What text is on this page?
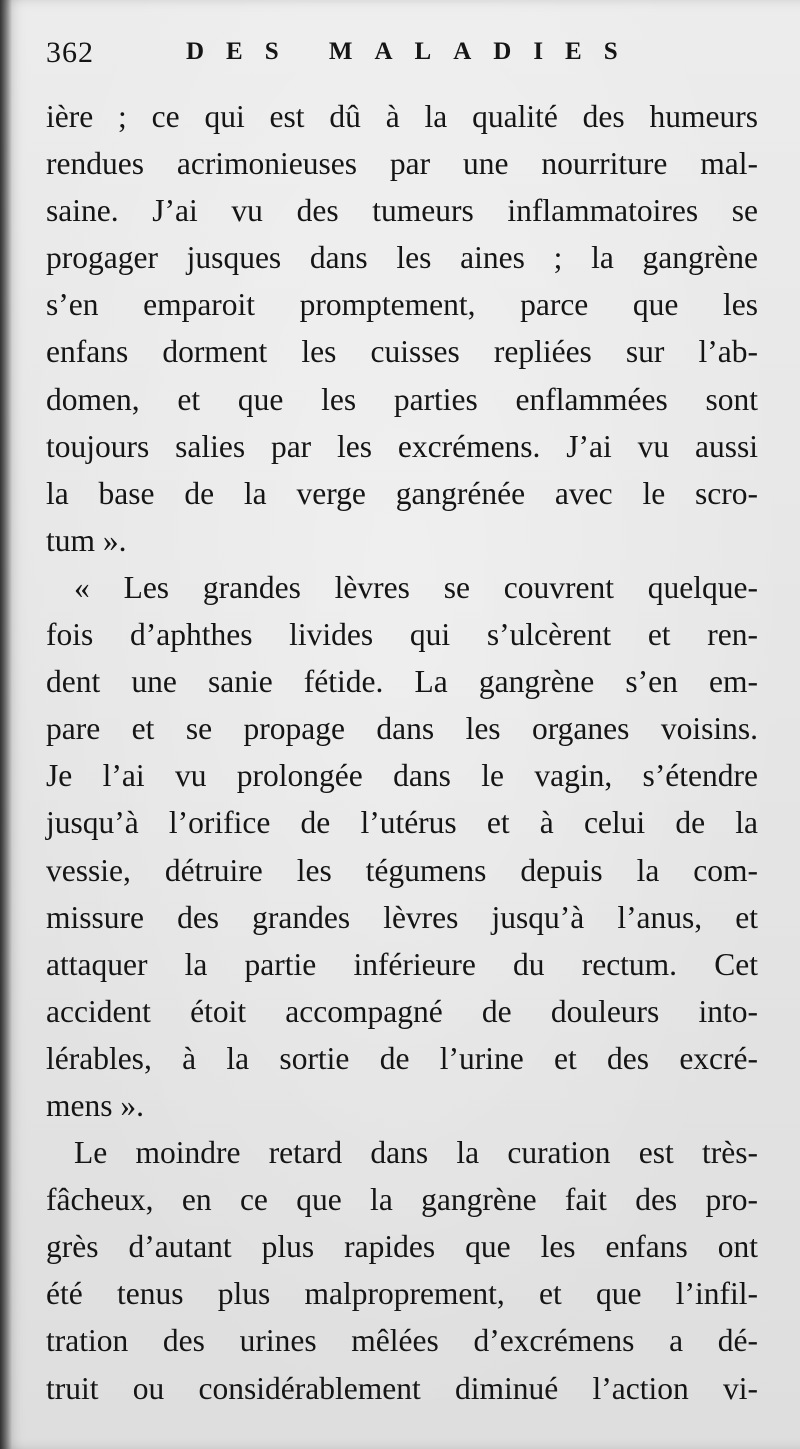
362	DES MALADIES
ière ; ce qui est dû à la qualité des humeurs
rendues acrimonieuses par une nourriture mal-
saine. J’ai vu des tumeurs inflammatoires se
progager jusques dans les aines ; la gangrène
s’en emparoit promptement, parce que les
enfans dorment les cuisses repliées sur l’ab-
domen, et que les parties enflammées sont
toujours salies par les excrémens. J’ai vu aussi
la base de la verge gangrénée avec le scro-
tum ».
« Les grandes lèvres se couvrent quelque-
fois d’aphthes livides qui s’ulcèrent et ren-
dent une sanie fétide. La gangrène s’en em-
pare et se propage dans les organes voisins.
Je l’ai vu prolongée dans le vagin, s’étendre
jusqu’à l’orifice de l’utérus et à celui de la
vessie, détruire les tégumens depuis la com-
missure des grandes lèvres jusqu’à l’anus, et
attaquer la partie inférieure du rectum. Cet
accident étoit accompagné de douleurs into-
lérables, à la sortie de l’urine et des excré-
mens ».
Le moindre retard dans la curation est très-
fâcheux, en ce que la gangrène fait des pro-
grès d’autant plus rapides que les enfans ont
été tenus plus malproprement, et que l’infil-
tration des urines mêlées d’excrémens a dé-
truit ou considérablement diminué l’action vi-
